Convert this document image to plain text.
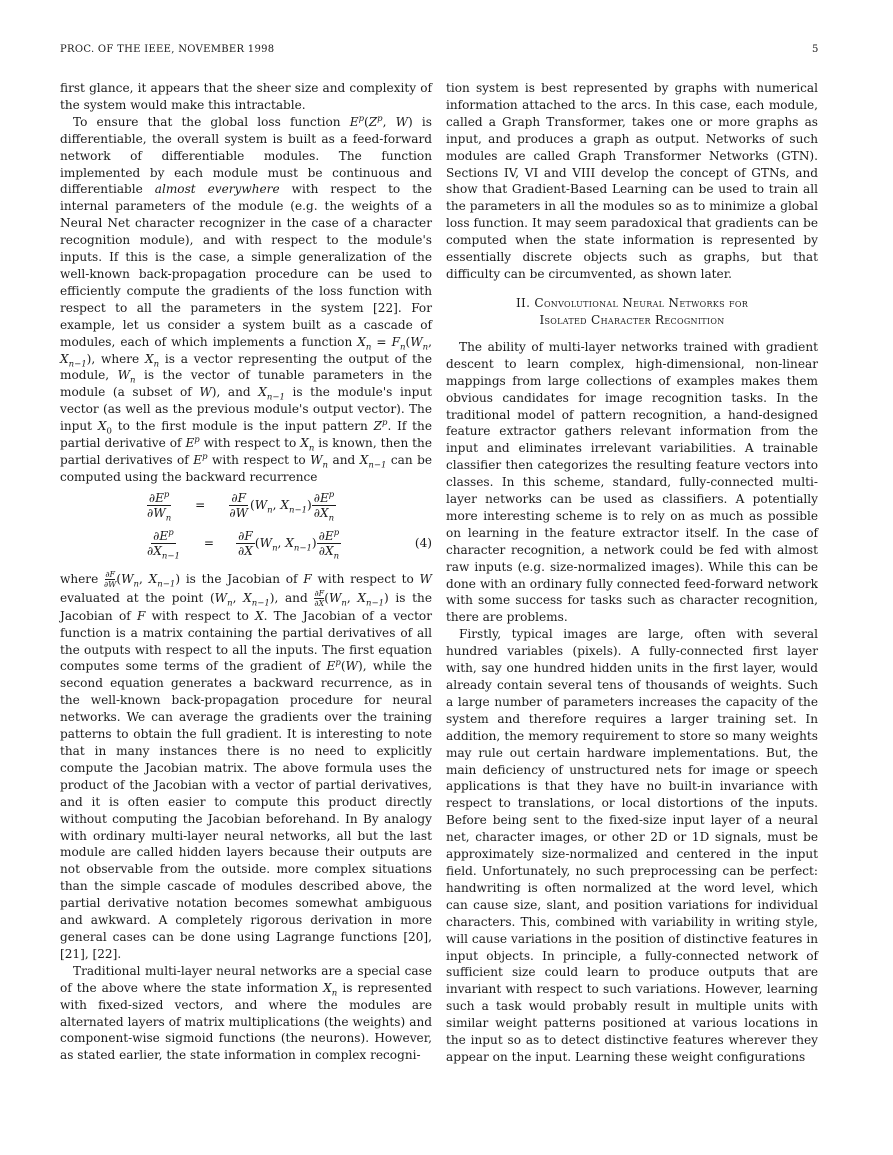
PROC. OF THE IEEE, NOVEMBER 1998	5

first glance, it appears that the sheer size and complexity of the system would make this intractable.

To ensure that the global loss function $E^p(Z^p$, W) is differentiable, the overall system is built as a feed-forward network of differentiable modules. The function implemented by each module must be continuous and differentiable almost everywhere with respect to the internal parameters of the module (e.g. the weights of a Neural Net character recognizer in the case of a character recognition module), and with respect to the module's inputs. If this is the case, a simple generalization of the well-known back-propagation procedure can be used to efficiently compute the gradients of the loss function with respect to all the parameters in the system [22]. For example, let us consider a system built as a cascade of modules, each of which implements a function $X_n = F_n(W_n$, $X_{n-1}$), where $X_n$ is a vector representing the output of the module, $W_n$ is the vector of tunable parameters in the module (a subset of W), and $X_{n-1}$ is the module's input vector (as well as the previous module's output vector). The input $X_0$ to the first module is the input pattern $Z^p$. If the partial derivative of $E^p$ with respect to $X_n$ is known, then the partial derivatives of $E^p$ with respect to $W_n$ and $X_{n-1}$ can be computed using the backward recurrence

$\frac{\partial E^p}{\partial W_n} = \frac{\partial F}{\partial W} (W_n$, $X_{n-1}) \frac{\partial E^p}{\partial X_n}$
$\frac{\partial E^p}{\partial X_{n-1}} = \frac{\partial F}{\partial X} (W_n$, $X_{n-1}) \frac{\partial E^p}{\partial X_n}$	(4)

where $\frac{\partial F}{\partial W} (W_n$, $X_{n-1}$) is the Jacobian of F with respect to W evaluated at the point ($W_n$, $X_{n-1}$), and $\frac{\partial F}{\partial X} (W_n$, $X_{n-1}$) is the Jacobian of F with respect to X. The Jacobian of a vector function is a matrix containing the partial derivatives of all the outputs with respect to all the inputs. The first equation computes some terms of the gradient of $E^p(W)$, while the second equation generates a backward recurrence, as in the well-known back-propagation procedure for neural networks. We can average the gradients over the training patterns to obtain the full gradient. It is interesting to note that in many instances there is no need to explicitly compute the Jacobian matrix. The above formula uses the product of the Jacobian with a vector of partial derivatives, and it is often easier to compute this product directly without computing the Jacobian beforehand. In By analogy with ordinary multi-layer neural networks, all but the last module are called hidden layers because their outputs are not observable from the outside. more complex situations than the simple cascade of modules described above, the partial derivative notation becomes somewhat ambiguous and awkward. A completely rigorous derivation in more general cases can be done using Lagrange functions [20], [21], [22].

Traditional multi-layer neural networks are a special case of the above where the state information $X_n$ is represented with fixed-sized vectors, and where the modules are alternated layers of matrix multiplications (the weights) and component-wise sigmoid functions (the neurons). However, as stated earlier, the state information in complex recogni-

tion system is best represented by graphs with numerical information attached to the arcs. In this case, each module, called a Graph Transformer, takes one or more graphs as input, and produces a graph as output. Networks of such modules are called Graph Transformer Networks (GTN). Sections IV, VI and VIII develop the concept of GTNs, and show that Gradient-Based Learning can be used to train all the parameters in all the modules so as to minimize a global loss function. It may seem paradoxical that gradients can be computed when the state information is represented by essentially discrete objects such as graphs, but that difficulty can be circumvented, as shown later.

II. Convolutional Neural Networks for
Isolated Character Recognition

The ability of multi-layer networks trained with gradient descent to learn complex, high-dimensional, non-linear mappings from large collections of examples makes them obvious candidates for image recognition tasks. In the traditional model of pattern recognition, a hand-designed feature extractor gathers relevant information from the input and eliminates irrelevant variabilities. A trainable classifier then categorizes the resulting feature vectors into classes. In this scheme, standard, fully-connected multi-layer networks can be used as classifiers. A potentially more interesting scheme is to rely on as much as possible on learning in the feature extractor itself. In the case of character recognition, a network could be fed with almost raw inputs (e.g. size-normalized images). While this can be done with an ordinary fully connected feed-forward network with some success for tasks such as character recognition, there are problems.

Firstly, typical images are large, often with several hundred variables (pixels). A fully-connected first layer with, say one hundred hidden units in the first layer, would already contain several tens of thousands of weights. Such a large number of parameters increases the capacity of the system and therefore requires a larger training set. In addition, the memory requirement to store so many weights may rule out certain hardware implementations. But, the main deficiency of unstructured nets for image or speech applications is that they have no built-in invariance with respect to translations, or local distortions of the inputs. Before being sent to the fixed-size input layer of a neural net, character images, or other 2D or 1D signals, must be approximately size-normalized and centered in the input field. Unfortunately, no such preprocessing can be perfect: handwriting is often normalized at the word level, which can cause size, slant, and position variations for individual characters. This, combined with variability in writing style, will cause variations in the position of distinctive features in input objects. In principle, a fully-connected network of sufficient size could learn to produce outputs that are invariant with respect to such variations. However, learning such a task would probably result in multiple units with similar weight patterns positioned at various locations in the input so as to detect distinctive features wherever they appear on the input. Learning these weight configurations
